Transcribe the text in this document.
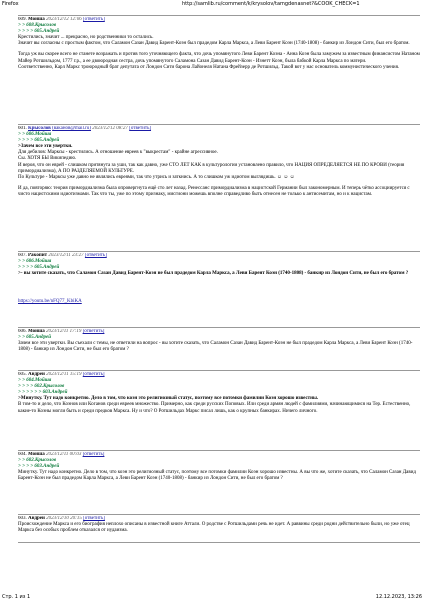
Firefox	http://samlib.ru/comment/k/krysolov/tamgdenasnet?&COOK_CHECK=1

609. Мойша 2023/12/12 12:06 [ответить]

> > 608.Крысолов

> > > > 605.Андрей

Крестились, значит ... прекрасно, но родственники то остались.

Значит вы согласны с простым фактом, что Саламон Сазан Давид Барент-Коэн был прадедом Карла Маркса, а Леви Барент Коэн (1740-1808) - банкир из Лондон Сити, был его братом.

Тогда уж вы скорее всего не станете возражать и против того уточняющего факта, что дочь упомянутого Леви Барент Коэна - Анна Коэн была замужем за известным финансистом Натаном Майер Ротшильдом, 1777 г.р., а ее двоюродная сестра, дочь упомянутого Саламона Сазан Давид Барент-Коэн - Изнетт Коэн, была бабкой Карла Маркса по матери.

Соответственно, Карл Маркс троюродный брат депутата от Лондон Сити барона Лайонеля Натана Фрейзерр де Ротшильд. Такой вот у нас основатель коммунистического учения.

601. Крысолов (ваканов@mail.ru) 2023/12/12 08:27 [ответить]

> > 606.Мойша

> > > > 605.Андрей

>Зачем все эти увертки.

Для дебилов: Марксы - крестились. А отношение евреев к "выкрестам" - крайне агрессивное.

Сы. ХОТЯ БЫ Википедию.

И вероя, что он еврей - слишком притянута за уши, так как давно, уже СТО ЛЕТ КАК в культурологии установлено правило, что НАЦИЯ ОПРЕДЕЛЯЕТСЯ НЕ ПО КРОВИ (теория примордиализма), А ПО РАЗДЕЛЯЕМОЙ КУЛЬТУРЕ.

По Культуре - Марксы уже давно не являлись евреями, так что утрись и заткнись. А то слишком уж идиотом выглядишь. ☺ ☺ ☺

И да, повторяю: теория примордиализма была опровергнута ещё сто лет назад. Ренессанс примордиализма в нацистской Германии был закономерным. И теперь чётко ассоциируется с чисто нацистскими идиотизмами. Так что ты, уже по этому признаку, мисгиони можешь вполне справедливо быть отнесен не только к антисемитам, но и к нацистам.

607. Ракопит 2023/12/11 23:27 [ответить]

> > 606.Мойша

> > > > 605.Андрей

>- вы хотите сказать, что Саламон Сазан Давид Барент-Коэн не был прадедом Карла Маркса, а Леви Барент Коэн (1740-1808) - банкир из Лондон Сити, не был его братом ?

https://youtu.be/nFQ77_KbiKA

606. Мойша 2023/12/11 17:19 [ответить]

> > 605.Андрей

Зачем все эти увертки. Вы съехали с темы, не ответили на вопрос - вы хотите сказать, что Саламон Сазан Давид Барент-Коэн не был прадедом Карла Маркса, а Леви Барент Коэн (1740-1808) - банкир из Лондон Сити, не был его братом ?

605. Андрей 2023/12/11 15:19 [ответить]

> > 604.Мойша

> > > > 602.Крысолов

> > > > > > 603.Андрей

>Минутку. Тут надо конкретно. Дело в том, что коэн это религиозный статус, поэтому все потомки фамилии Коэн хорошо известны.

В том-то и дело, что Коэнов или Коганов среди евреев множество. Примерно, как среди русских Поповых. Или среди армян людей с фамилиями, начинающимися на Тер. Естественно, какие-то Коэны могли быть и среди предков Маркса. Ну и что? О Ротшильдах Маркс писал лишь, как о крупных банкирах. Ничего личного.

604. Мойша 2023/12/11 00:03 [ответить]

> > 602.Крысолов

> > > > 603.Андрей

Минутку. Тут надо конкретно. Дело в том, что коэн это религиозный статус, поэтому все потомки фамилии Коэн хорошо известны. А вы что же, хотите сказать, что Саламон Сазан Давид Барент-Коэн не был прадедом Карла Маркса, а Леви Барент Коэн (1740-1808) - банкир из Лондон Сити, не был его братом ?

603. Андрей 2023/12/10 20:15 [ответить]

Происхождение Маркса и его биография неплохо описаны в известной книге Аттали. О родстве с Ротшильдами речь не идет. А раввины среди родни действительно были, но уже отец Маркса без особых проблем отказался от иудаизма.

Стр. 1 из 1	12.12.2023, 13:26
